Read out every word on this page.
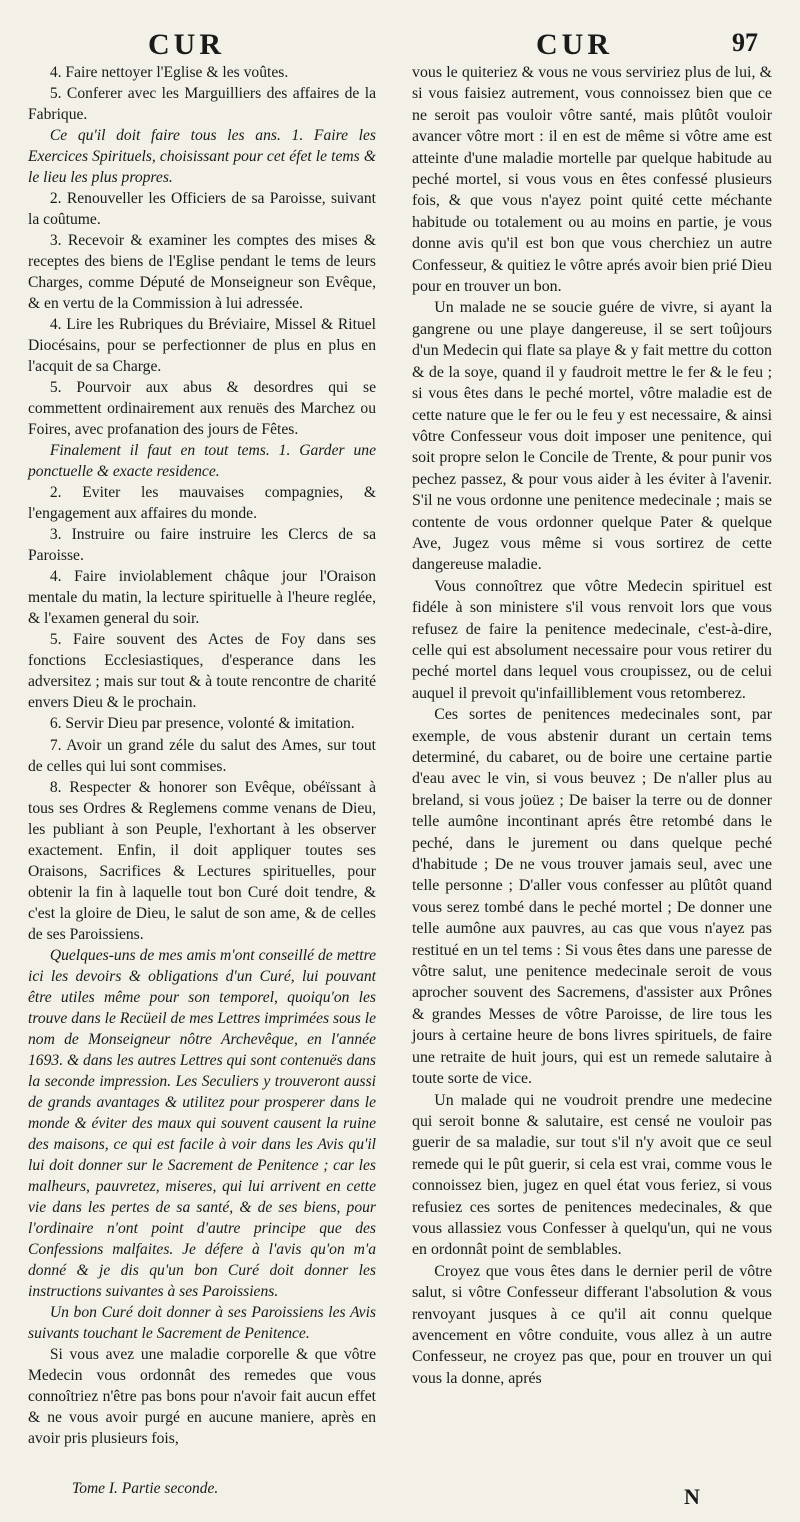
CUR	CUR	97

4. Faire nettoyer l'Eglise & les voûtes.

5. Conferer avec les Marguilliers des affaires de la Fabrique.

Ce qu'il doit faire tous les ans. 1. Faire les Exercices Spirituels, choisissant pour cet éfet le tems & le lieu les plus propres.

2. Renouveller les Officiers de sa Paroisse, suivant la coûtume.

3. Recevoir & examiner les comptes des mises & receptes des biens de l'Eglise pendant le tems de leurs Charges, comme Député de Monseigneur son Evêque, & en vertu de la Commission à lui adressée.

4. Lire les Rubriques du Bréviaire, Missel & Rituel Diocésains, pour se perfectionner de plus en plus en l'acquit de sa Charge.

5. Pourvoir aux abus & desordres qui se commettent ordinairement aux renuës des Marchez ou Foires, avec profanation des jours de Fêtes.

Finalement il faut en tout tems. 1. Garder une ponctuelle & exacte residence.

2. Eviter les mauvaises compagnies, & l'engagement aux affaires du monde.

3. Instruire ou faire instruire les Clercs de sa Paroisse.

4. Faire inviolablement châque jour l'Oraison mentale du matin, la lecture spirituelle à l'heure reglée, & l'examen general du soir.

5. Faire souvent des Actes de Foy dans ses fonctions Ecclesiastiques, d'esperance dans les adversitez ; mais sur tout & à toute rencontre de charité envers Dieu & le prochain.

6. Servir Dieu par presence, volonté & imitation.

7. Avoir un grand zéle du salut des Ames, sur tout de celles qui lui sont commises.

8. Respecter & honorer son Evêque, obéïssant à tous ses Ordres & Reglemens comme venans de Dieu, les publiant à son Peuple, l'exhortant à les observer exactement. Enfin, il doit appliquer toutes ses Oraisons, Sacrifices & Lectures spirituelles, pour obtenir la fin à laquelle tout bon Curé doit tendre, & c'est la gloire de Dieu, le salut de son ame, & de celles de ses Paroissiens.

Quelques-uns de mes amis m'ont conseillé de mettre ici les devoirs & obligations d'un Curé, lui pouvant être utiles même pour son temporel, quoiqu'on les trouve dans le Recüeil de mes Lettres imprimées sous le nom de Monseigneur nôtre Archevêque, en l'année 1693. & dans les autres Lettres qui sont contenuës dans la seconde impression. Les Seculiers y trouveront aussi de grands avantages & utilitez pour prosperer dans le monde & éviter des maux qui souvent causent la ruine des maisons, ce qui est facile à voir dans les Avis qu'il lui doit donner sur le Sacrement de Penitence ; car les malheurs, pauvretez, miseres, qui lui arrivent en cette vie dans les pertes de sa santé, & de ses biens, pour l'ordinaire n'ont point d'autre principe que des Confessions malfaites. Je défere à l'avis qu'on m'a donné & je dis qu'un bon Curé doit donner les instructions suivantes à ses Paroissiens.

Un bon Curé doit donner à ses Paroissiens les Avis suivants touchant le Sacrement de Penitence.

Si vous avez une maladie corporelle & que vôtre Medecin vous ordonnât des remedes que vous connoîtriez n'être pas bons pour n'avoir fait aucun effet & ne vous avoir purgé en aucune maniere, après en avoir pris plusieurs fois,

vous le quiteriez & vous ne vous serviriez plus de lui, & si vous faisiez autrement, vous connoissez bien que ce ne seroit pas vouloir vôtre santé, mais plûtôt vouloir avancer vôtre mort : il en est de même si vôtre ame est atteinte d'une maladie mortelle par quelque habitude au peché mortel, si vous vous en êtes confessé plusieurs fois, & que vous n'ayez point quité cette méchante habitude ou totalement ou au moins en partie, je vous donne avis qu'il est bon que vous cherchiez un autre Confesseur, & quitiez le vôtre aprés avoir bien prié Dieu pour en trouver un bon.

Un malade ne se soucie guére de vivre, si ayant la gangrene ou une playe dangereuse, il se sert toûjours d'un Medecin qui flate sa playe & y fait mettre du cotton & de la soye, quand il y faudroit mettre le fer & le feu ; si vous êtes dans le peché mortel, vôtre maladie est de cette nature que le fer ou le feu y est necessaire, & ainsi vôtre Confesseur vous doit imposer une penitence, qui soit propre selon le Concile de Trente, & pour punir vos pechez passez, & pour vous aider à les éviter à l'avenir. S'il ne vous ordonne une penitence medecinale ; mais se contente de vous ordonner quelque Pater & quelque Ave, Jugez vous même si vous sortirez de cette dangereuse maladie.

Vous connoîtrez que vôtre Medecin spirituel est fidéle à son ministere s'il vous renvoit lors que vous refusez de faire la penitence medecinale, c'est-à-dire, celle qui est absolument necessaire pour vous retirer du peché mortel dans lequel vous croupissez, ou de celui auquel il prevoit qu'infailliblement vous retomberez.

Ces sortes de penitences medecinales sont, par exemple, de vous abstenir durant un certain tems determiné, du cabaret, ou de boire une certaine partie d'eau avec le vin, si vous beuvez ; De n'aller plus au breland, si vous joüez ; De baiser la terre ou de donner telle aumône incontinant aprés être retombé dans le peché, dans le jurement ou dans quelque peché d'habitude ; De ne vous trouver jamais seul, avec une telle personne ; D'aller vous confesser au plûtôt quand vous serez tombé dans le peché mortel ; De donner une telle aumône aux pauvres, au cas que vous n'ayez pas restitué en un tel tems : Si vous êtes dans une paresse de vôtre salut, une penitence medecinale seroit de vous aprocher souvent des Sacremens, d'assister aux Prônes & grandes Messes de vôtre Paroisse, de lire tous les jours à certaine heure de bons livres spirituels, de faire une retraite de huit jours, qui est un remede salutaire à toute sorte de vice.

Un malade qui ne voudroit prendre une medecine qui seroit bonne & salutaire, est censé ne vouloir pas guerir de sa maladie, sur tout s'il n'y avoit que ce seul remede qui le pût guerir, si cela est vrai, comme vous le connoissez bien, jugez en quel état vous feriez, si vous refusiez ces sortes de penitences medecinales, & que vous allassiez vous Confesser à quelqu'un, qui ne vous en ordonnât point de semblables.

Croyez que vous êtes dans le dernier peril de vôtre salut, si vôtre Confesseur differant l'absolution & vous renvoyant jusques à ce qu'il ait connu quelque avencement en vôtre conduite, vous allez à un autre Confesseur, ne croyez pas que, pour en trouver un qui vous la donne, aprés

Tome I. Partie seconde.	N
